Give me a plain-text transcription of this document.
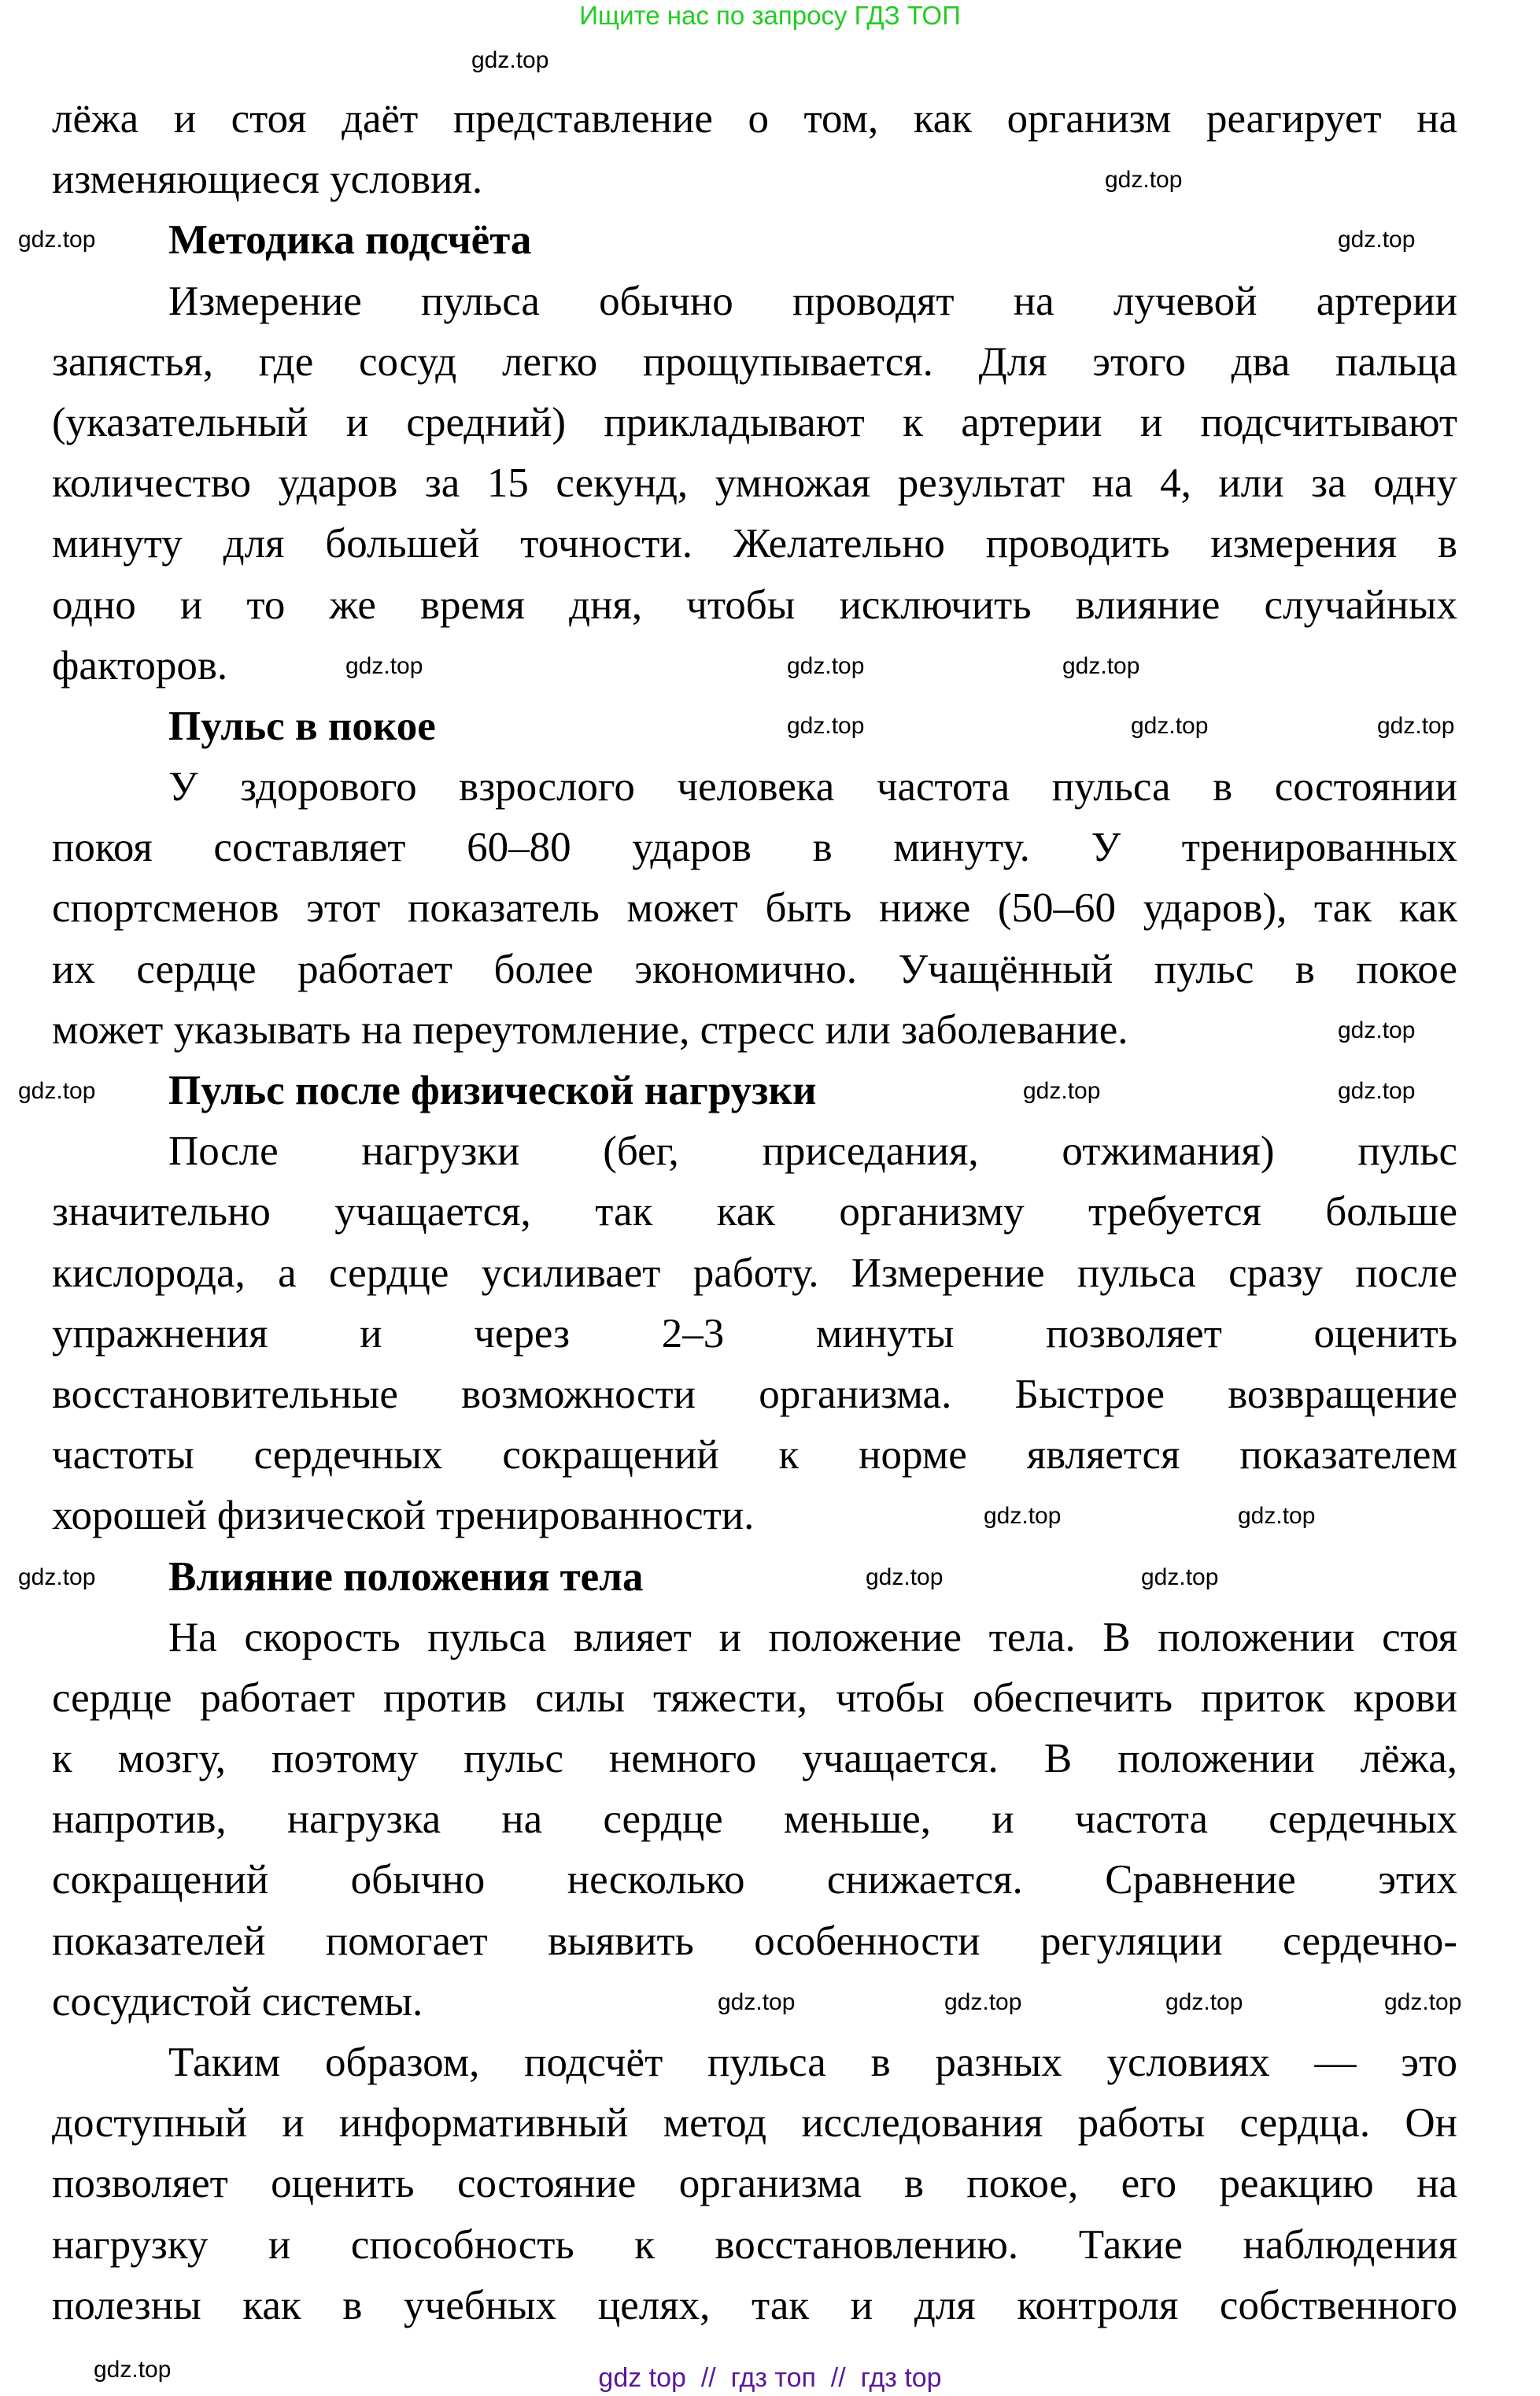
Ищите нас по запросу ГДЗ ТОП
лёжа и стоя даёт представление о том, как организм реагирует на
изменяющиеся условия.
Методика подсчёта
Измерение пульса обычно проводят на лучевой артерии
запястья, где сосуд легко прощупывается. Для этого два пальца
(указательный и средний) прикладывают к артерии и подсчитывают
количество ударов за 15 секунд, умножая результат на 4, или за одну
минуту для большей точности. Желательно проводить измерения в
одно и то же время дня, чтобы исключить влияние случайных
факторов.
Пульс в покое
У здорового взрослого человека частота пульса в состоянии
покоя составляет 60–80 ударов в минуту. У тренированных
спортсменов этот показатель может быть ниже (50–60 ударов), так как
их сердце работает более экономично. Учащённый пульс в покое
может указывать на переутомление, стресс или заболевание.
Пульс после физической нагрузки
После нагрузки (бег, приседания, отжимания) пульс
значительно учащается, так как организму требуется больше
кислорода, а сердце усиливает работу. Измерение пульса сразу после
упражнения и через 2–3 минуты позволяет оценить
восстановительные возможности организма. Быстрое возвращение
частоты сердечных сокращений к норме является показателем
хорошей физической тренированности.
Влияние положения тела
На скорость пульса влияет и положение тела. В положении стоя
сердце работает против силы тяжести, чтобы обеспечить приток крови
к мозгу, поэтому пульс немного учащается. В положении лёжа,
напротив, нагрузка на сердце меньше, и частота сердечных
сокращений обычно несколько снижается. Сравнение этих
показателей помогает выявить особенности регуляции сердечно-
сосудистой системы.
Таким образом, подсчёт пульса в разных условиях — это
доступный и информативный метод исследования работы сердца. Он
позволяет оценить состояние организма в покое, его реакцию на
нагрузку и способность к восстановлению. Такие наблюдения
полезны как в учебных целях, так и для контроля собственного
gdz.top
gdz.top
gdz.top	gdz.top
gdz.top
gdz.top
gdz.top	gdz.top
gdz.top
gdz.top
gdz.top
gdz.top	gdz.top	gdz.top
gdz.top
gdz.top
gdz.top	gdz.top
gdz.top
gdz.top	gdz.top	gdz.top
gdz.top
gdz.top	gdz top  //  гдз топ  //  гдз top
